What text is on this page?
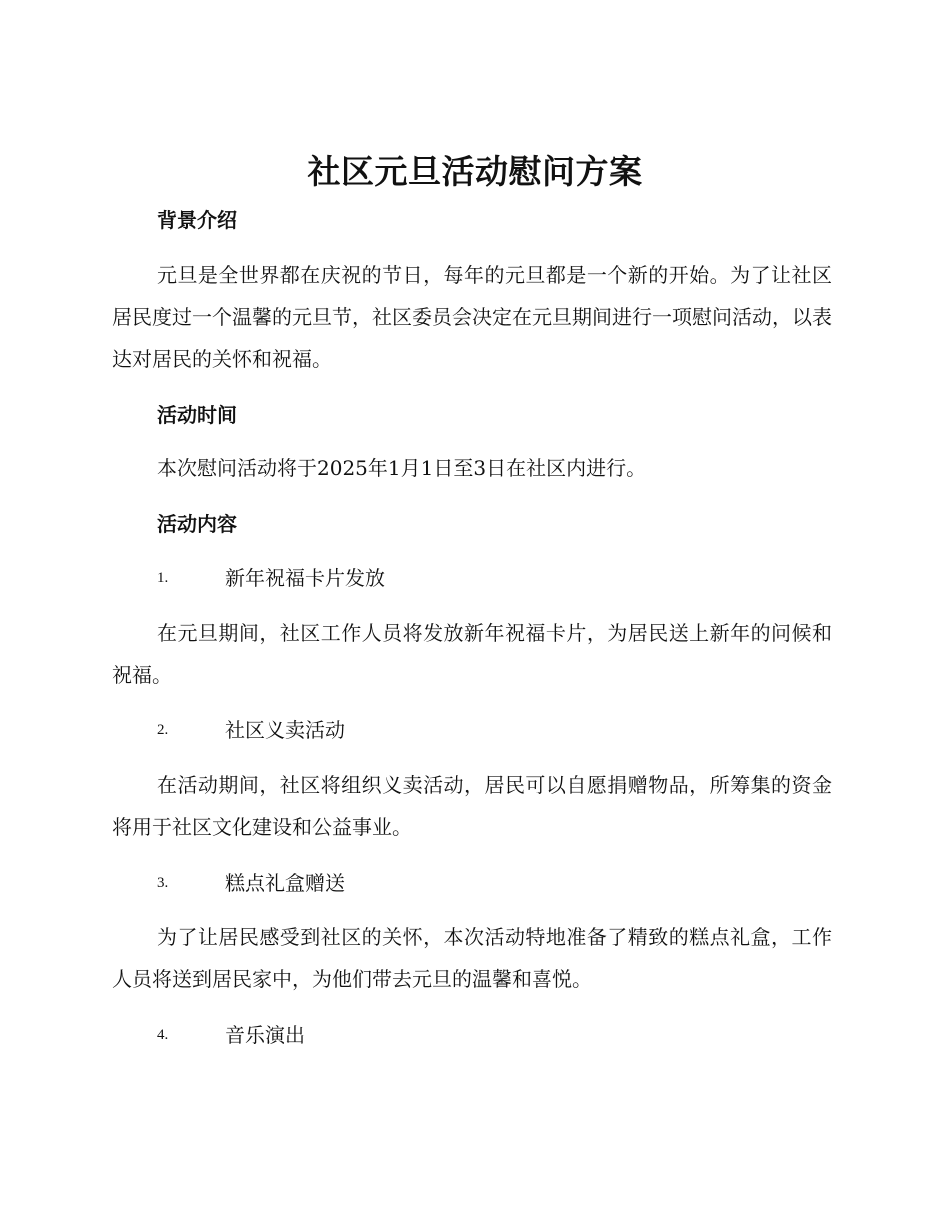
社区元旦活动慰问方案
背景介绍

元旦是全世界都在庆祝的节日，每年的元旦都是一个新的开始。为了让社区居民度过一个温馨的元旦节，社区委员会决定在元旦期间进行一项慰问活动，以表达对居民的关怀和祝福。

活动时间

本次慰问活动将于2025年1月1日至3日在社区内进行。

活动内容
1.	新年祝福卡片发放

在元旦期间，社区工作人员将发放新年祝福卡片，为居民送上新年的问候和祝福。

2.	社区义卖活动

在活动期间，社区将组织义卖活动，居民可以自愿捐赠物品，所筹集的资金将用于社区文化建设和公益事业。

3.	糕点礼盒赠送

为了让居民感受到社区的关怀，本次活动特地准备了精致的糕点礼盒，工作人员将送到居民家中，为他们带去元旦的温馨和喜悦。

4.	音乐演出
